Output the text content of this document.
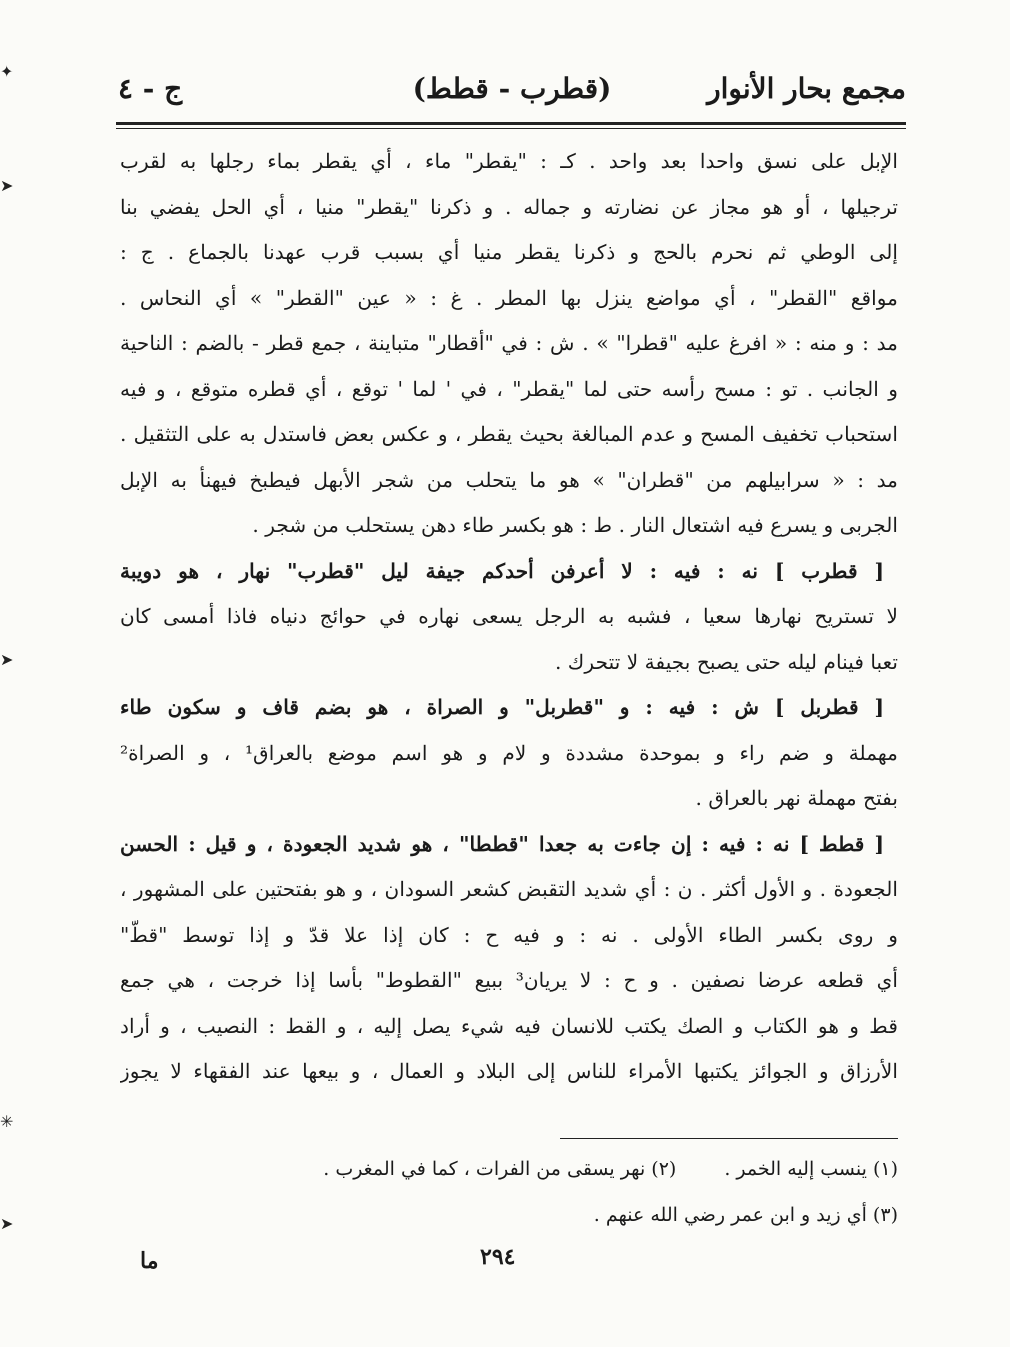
مجمع بحار الأنوار
(قطرب - قطط)
ج - ٤
الإبل على نسق واحدا بعد واحد . كـ : "يقطر" ماء ، أي يقطر بماء رجلها به لقرب
ترجيلها ، أو هو مجاز عن نضارته و جماله . و ذكرنا "يقطر" منيا ، أي الحل يفضي بنا
إلى الوطي ثم نحرم بالحج و ذكرنا يقطر منيا أي بسبب قرب عهدنا بالجماع . ج :
مواقع "القطر" ، أي مواضع ينزل بها المطر . غ : « عين "القطر" » أي النحاس .
مد : و منه : « افرغ عليه "قطرا" » . ش : في "أقطار" متباينة ، جمع قطر - بالضم : الناحية
و الجانب . تو : مسح رأسه حتى لما "يقطر" ، في ' لما ' توقع ، أي قطره متوقع ، و فيه
استحباب تخفيف المسح و عدم المبالغة بحيث يقطر ، و عكس بعض فاستدل به على التثقيل .
مد : « سرابيلهم من "قطران" » هو ما يتحلب من شجر الأبهل فيطبخ فيهنأ به الإبل
الجربى و يسرع فيه اشتعال النار . ط : هو بكسر طاء دهن يستحلب من شجر .
[ قطرب ] نه : فيه : لا أعرفن أحدكم جيفة ليل "قطرب" نهار ، هو دويبة
لا تستريح نهارها سعيا ، فشبه به الرجل يسعى نهاره في حوائج دنياه فاذا أمسى كان
تعبا فينام ليله حتى يصبح بجيفة لا تتحرك .
[ قطربل ] ش : فيه : و "قطربل" و الصراة ، هو بضم قاف و سكون طاء
مهملة و ضم راء و بموحدة مشددة و لام و هو اسم موضع بالعراق¹ ، و الصراة²
بفتح مهملة نهر بالعراق .
[ قطط ] نه : فيه : إن جاءت به جعدا "قططا" ، هو شديد الجعودة ، و قيل : الحسن
الجعودة . و الأول أكثر . ن : أي شديد التقبض كشعر السودان ، و هو بفتحتين على المشهور ،
و روى بكسر الطاء الأولى . نه : و فيه ح : كان إذا علا قدّ و إذا توسط "قطّ"
أي قطعه عرضا نصفين . و ح : لا يريان³ ببيع "القطوط" بأسا إذا خرجت ، هي جمع
قط و هو الكتاب و الصك يكتب للانسان فيه شيء يصل إليه ، و القط : النصيب ، و أراد
الأرزاق و الجوائز يكتبها الأمراء للناس إلى البلاد و العمال ، و بيعها عند الفقهاء لا يجوز
(١) ينسب إليه الخمر .(٢) نهر يسقى من الفرات ، كما في المغرب .
(٣) أي زيد و ابن عمر رضي الله عنهم .
٢٩٤
ما
✦
➤
➤
✳
➤
